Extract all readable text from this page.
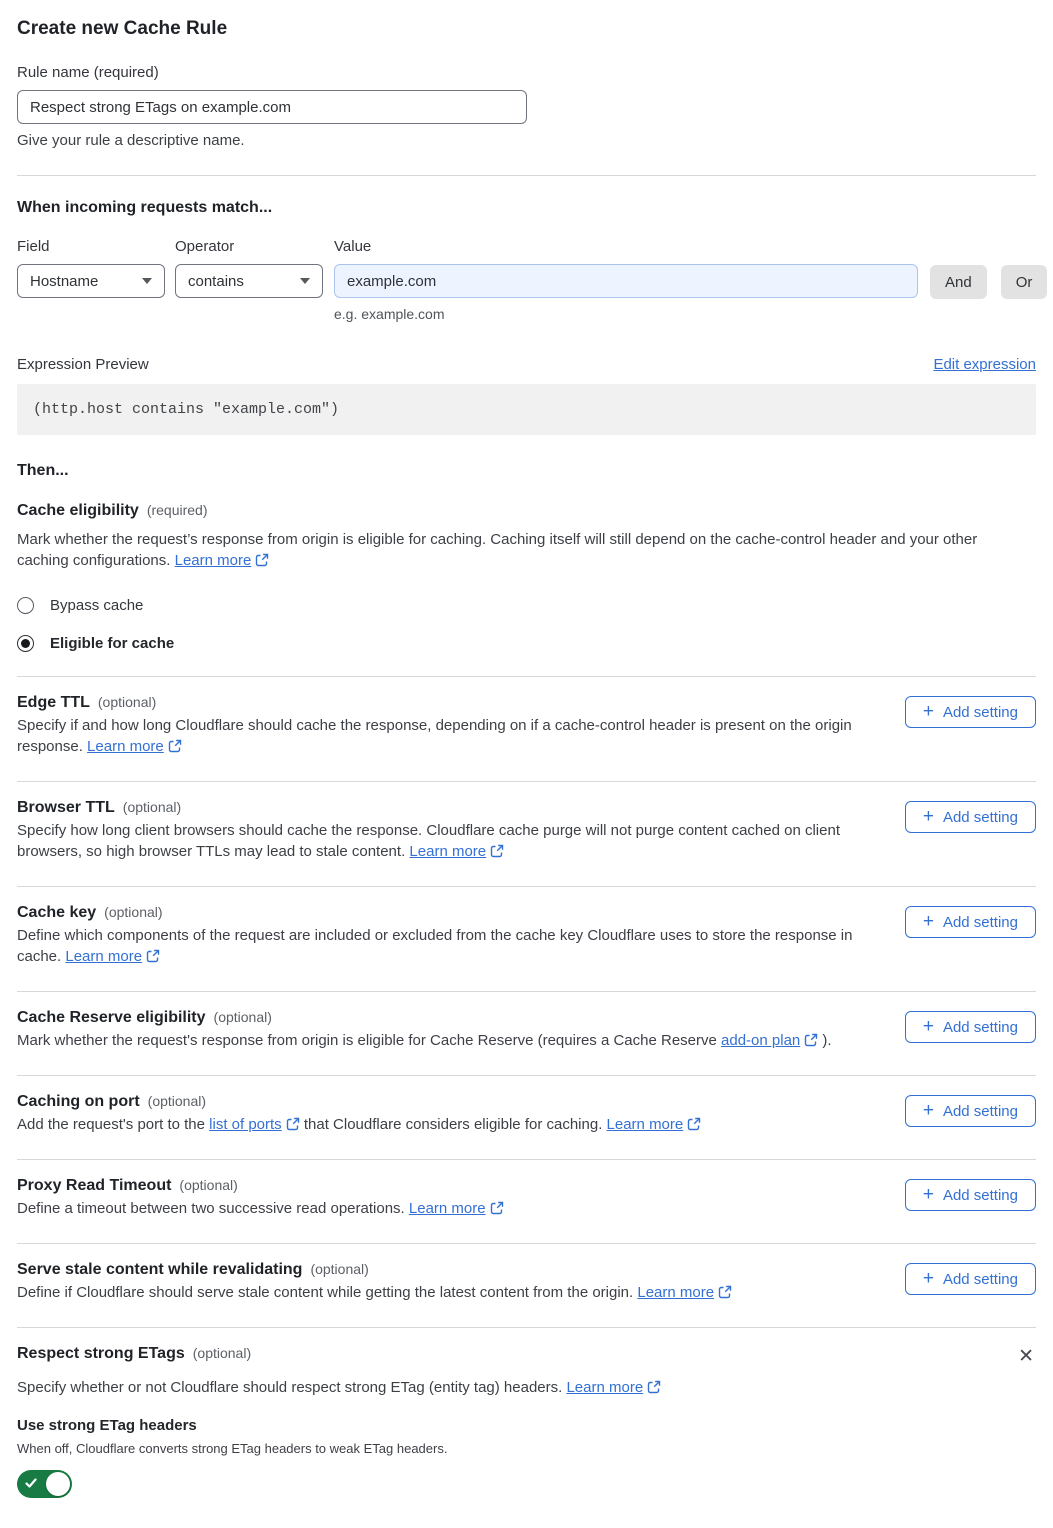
Create new Cache Rule
Rule name (required)
Respect strong ETags on example.com
Give your rule a descriptive name.
When incoming requests match...
Field
Hostname
Operator
contains
Value
example.com
e.g. example.com
And	Or
Expression Preview	Edit expression
(http.host contains "example.com")
Then...
Cache eligibility (required)

Mark whether the request’s response from origin is eligible for caching. Caching itself will still depend on the cache-control header and your other caching configurations. Learn more

Bypass cache
Eligible for cache
Edge TTL (optional)	+ Add setting

Specify if and how long Cloudflare should cache the response, depending on if a cache-control header is present on the origin response. Learn more

Browser TTL (optional)	+ Add setting

Specify how long client browsers should cache the response. Cloudflare cache purge will not purge content cached on client browsers, so high browser TTLs may lead to stale content. Learn more

Cache key (optional)	+ Add setting

Define which components of the request are included or excluded from the cache key Cloudflare uses to store the response in cache. Learn more

Cache Reserve eligibility (optional)	+ Add setting

Mark whether the request's response from origin is eligible for Cache Reserve (requires a Cache Reserve add-on plan ).

Caching on port (optional)	+ Add setting

Add the request's port to the list of ports that Cloudflare considers eligible for caching. Learn more

Proxy Read Timeout (optional)	+ Add setting

Define a timeout between two successive read operations. Learn more

Serve stale content while revalidating (optional)	+ Add setting

Define if Cloudflare should serve stale content while getting the latest content from the origin. Learn more

Respect strong ETags (optional)	✕

Specify whether or not Cloudflare should respect strong ETag (entity tag) headers. Learn more

Use strong ETag headers
When off, Cloudflare converts strong ETag headers to weak ETag headers.
